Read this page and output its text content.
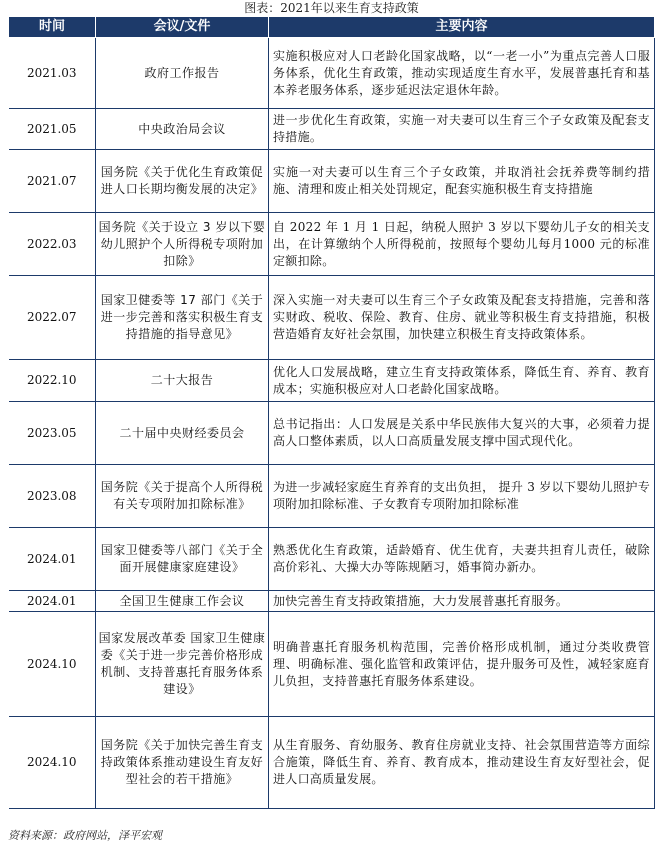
图表：2021年以来生育支持政策
时间	会议/文件	主要内容
2021.03	政府工作报告	实施积极应对人口老龄化国家战略，以“一老一小”为重点完善人口服务体系，优化生育政策，推动实现适度生育水平，发展普惠托育和基本养老服务体系，逐步延迟法定退休年龄。
2021.05	中央政治局会议	进一步优化生育政策，实施一对夫妻可以生育三个子女政策及配套支持措施。
2021.07	国务院《关于优化生育政策促进人口长期均衡发展的决定》	实施一对夫妻可以生育三个子女政策，并取消社会抚养费等制约措施、清理和废止相关处罚规定，配套实施积极生育支持措施
2022.03	国务院《关于设立 3 岁以下婴幼儿照护个人所得税专项附加扣除》	自 2022 年 1 月 1 日起，纳税人照护 3 岁以下婴幼儿子女的相关支出，在计算缴纳个人所得税前，按照每个婴幼儿每月1000 元的标准定额扣除。
2022.07	国家卫健委等 17 部门《关于进一步完善和落实积极生育支持措施的指导意见》	深入实施一对夫妻可以生育三个子女政策及配套支持措施，完善和落实财政、税收、保险、教育、住房、就业等积极生育支持措施，积极营造婚育友好社会氛围，加快建立积极生育支持政策体系。
2022.10	二十大报告	优化人口发展战略，建立生育支持政策体系，降低生育、养育、教育成本；实施积极应对人口老龄化国家战略。
2023.05	二十届中央财经委员会	总书记指出：人口发展是关系中华民族伟大复兴的大事，必须着力提高人口整体素质，以人口高质量发展支撑中国式现代化。
2023.08	国务院《关于提高个人所得税有关专项附加扣除标准》	为进一步减轻家庭生育养育的支出负担， 提升 3 岁以下婴幼儿照护专项附加扣除标准、子女教育专项附加扣除标准
2024.01	国家卫健委等八部门《关于全面开展健康家庭建设》	熟悉优化生育政策，适龄婚育、优生优育，夫妻共担育儿责任，破除高价彩礼、大操大办等陈规陋习，婚事简办新办。
2024.01	全国卫生健康工作会议	加快完善生育支持政策措施，大力发展普惠托育服务。
2024.10	国家发展改革委 国家卫生健康委《关于进一步完善价格形成机制、支持普惠托育服务体系建设》	明确普惠托育服务机构范围，完善价格形成机制，通过分类收费管理、明确标准、强化监管和政策评估，提升服务可及性，减轻家庭育儿负担，支持普惠托育服务体系建设。
2024.10	国务院《关于加快完善生育支持政策体系推动建设生育友好型社会的若干措施》	从生育服务、育幼服务、教育住房就业支持、社会氛围营造等方面综合施策，降低生育、养育、教育成本，推动建设生育友好型社会，促进人口高质量发展。
资料来源：政府网站，泽平宏观
